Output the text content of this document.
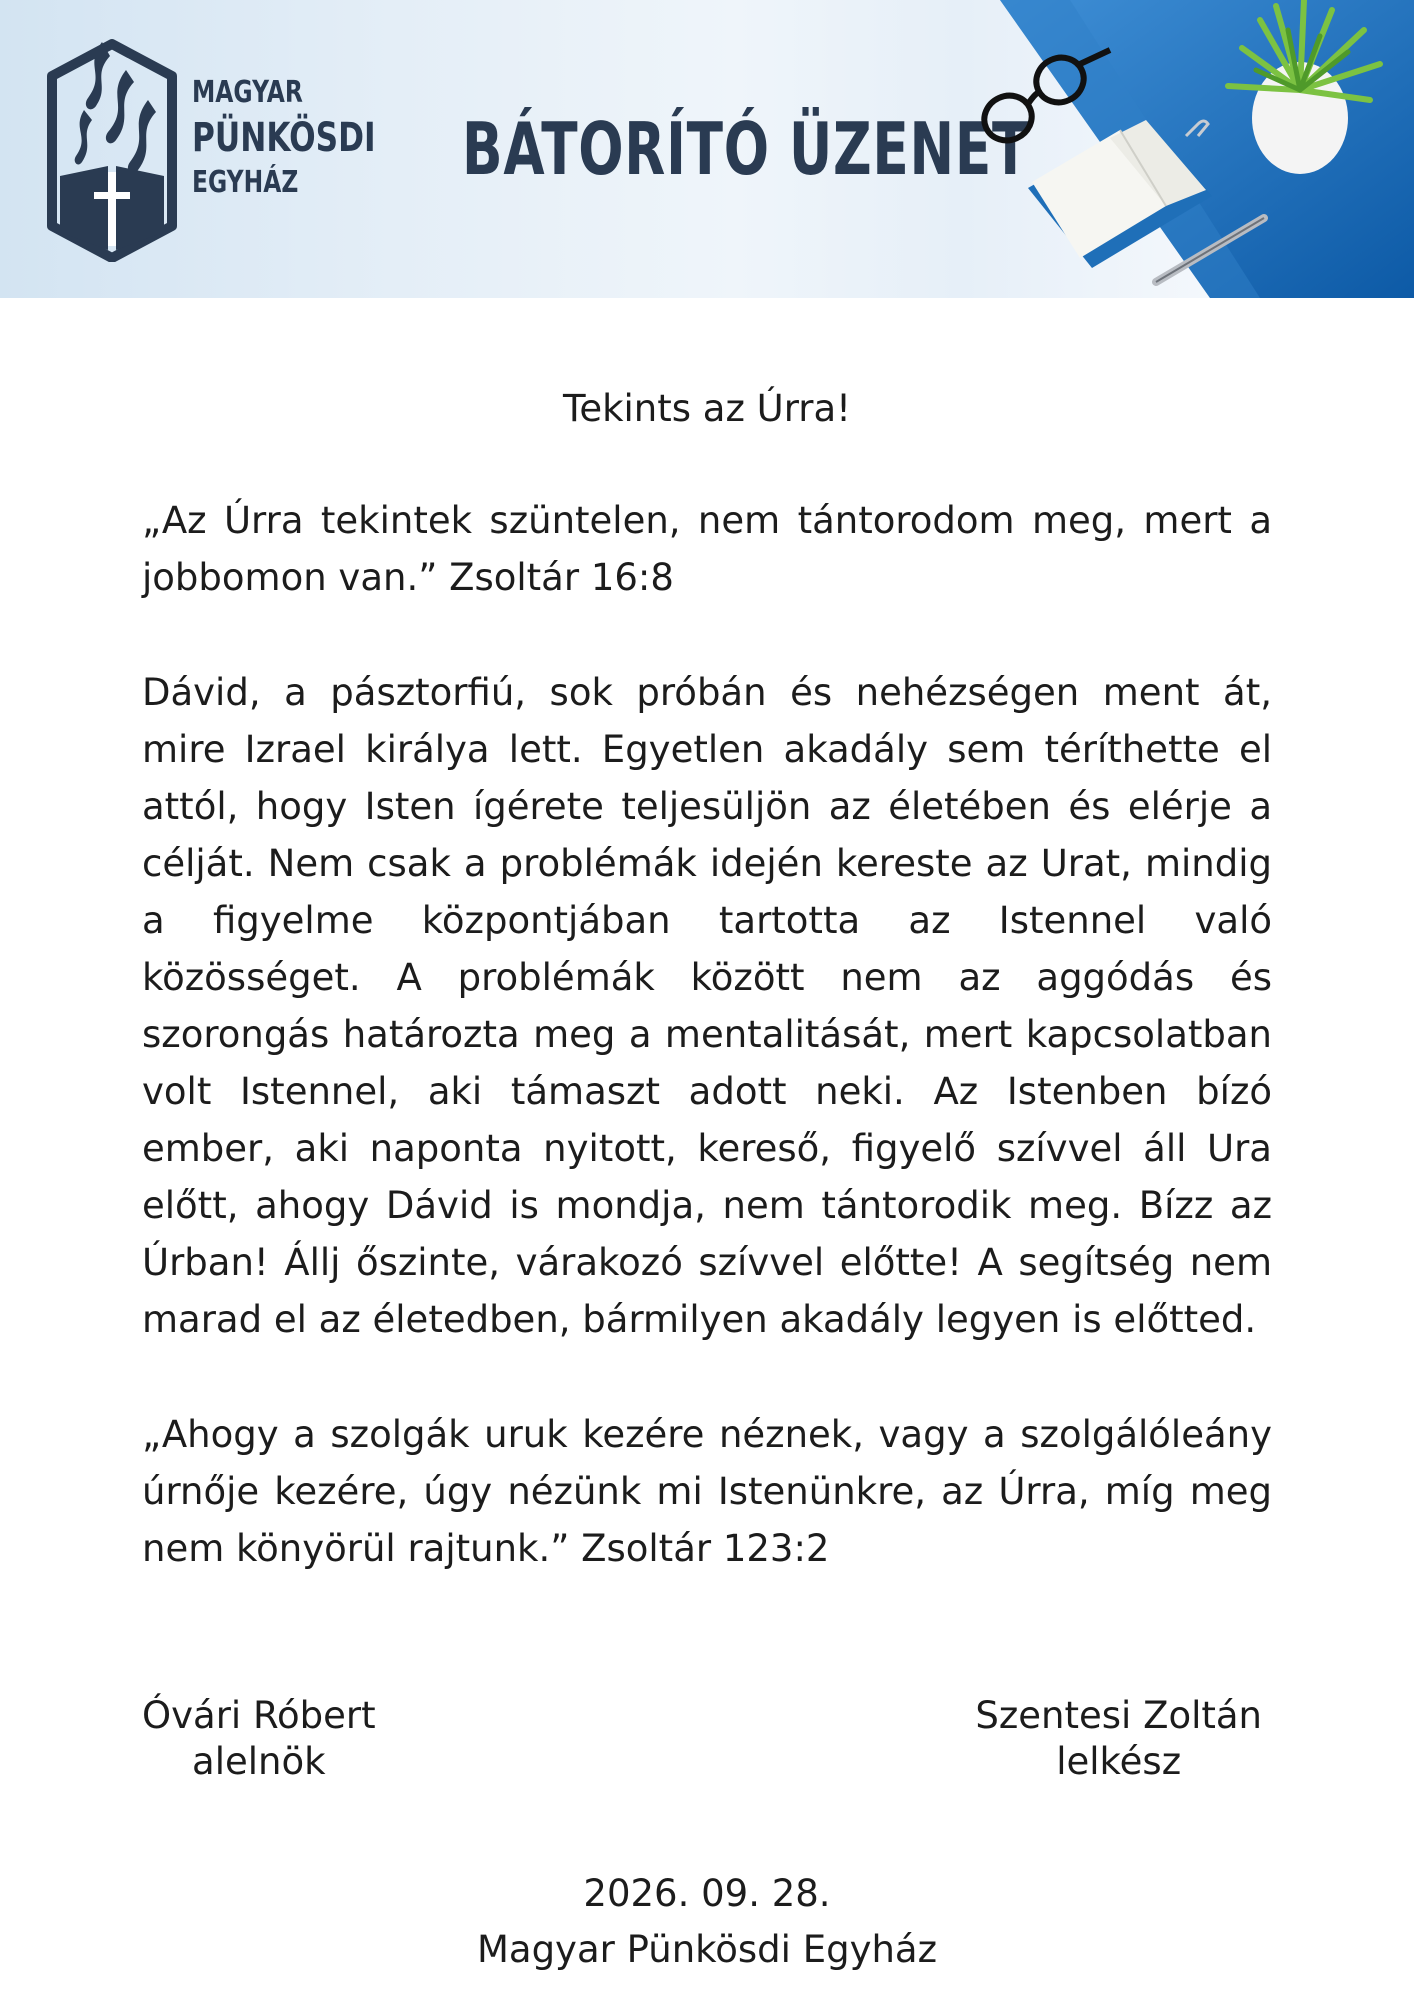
MAGYAR
PÜNKÖSDI
EGYHÁZ	BÁTORÍTÓ ÜZENET

Tekints az Úrra!

„Az Úrra tekintek szüntelen, nem tántorodom meg, mert a jobbomon van.” Zsoltár 16:8

Dávid, a pásztorfiú, sok próbán és nehézségen ment át, mire Izrael királya lett. Egyetlen akadály sem téríthette el attól, hogy Isten ígérete teljesüljön az életében és elérje a célját. Nem csak a problémák idején kereste az Urat, mindig a figyelme központjában tartotta az Istennel való közösséget. A problémák között nem az aggódás és szorongás határozta meg a mentalitását, mert kapcsolatban volt Istennel, aki támaszt adott neki. Az Istenben bízó ember, aki naponta nyitott, kereső, figyelő szívvel áll Ura előtt, ahogy Dávid is mondja, nem tántorodik meg. Bízz az Úrban! Állj őszinte, várakozó szívvel előtte! A segítség nem marad el az életedben, bármilyen akadály legyen is előtted.

„Ahogy a szolgák uruk kezére néznek, vagy a szolgálóleány úrnője kezére, úgy nézünk mi Istenünkre, az Úrra, míg meg nem könyörül rajtunk.” Zsoltár 123:2

Óvári Róbert
alelnök
Szentesi Zoltán
lelkész
2026. 09. 28.
Magyar Pünkösdi Egyház
